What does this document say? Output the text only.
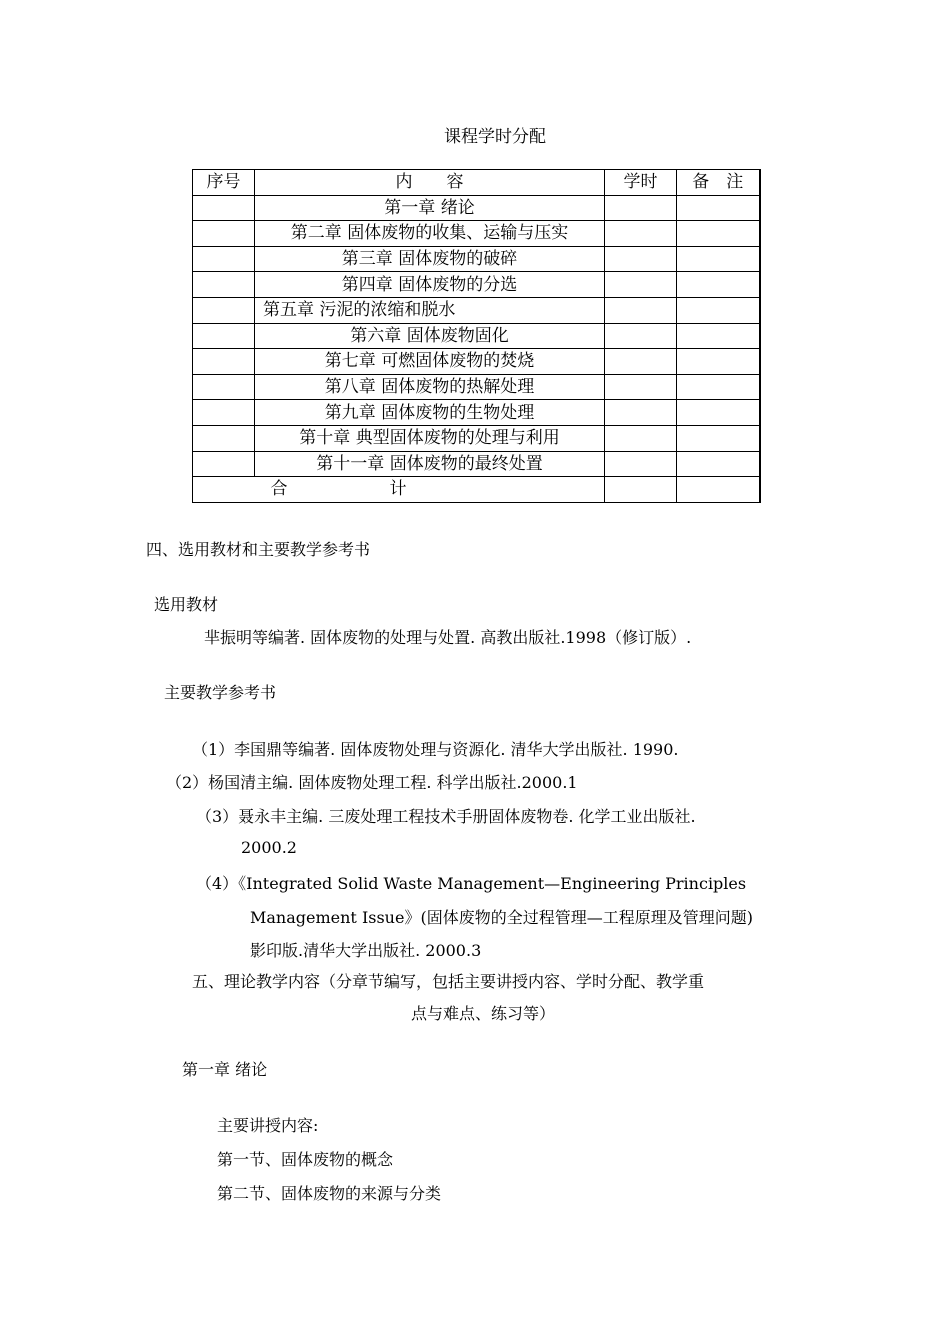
课程学时分配
序号	内　　容	学时	备　注
	第一章 绪论		
	第二章 固体废物的收集、运输与压实		
	第三章 固体废物的破碎		
	第四章 固体废物的分选		
	第五章 污泥的浓缩和脱水		
	第六章 固体废物固化		
	第七章 可燃固体废物的焚烧		
	第八章 固体废物的热解处理		
	第九章 固体废物的生物处理		
	第十章 典型固体废物的处理与利用		
	第十一章 固体废物的最终处置		
合　　　　　　计			
四、选用教材和主要教学参考书
选用教材
芈振明等编著. 固体废物的处理与处置. 高教出版社.1998（修订版）.
主要教学参考书
（1）李国鼎等编著. 固体废物处理与资源化. 清华大学出版社. 1990.
（2）杨国清主编. 固体废物处理工程. 科学出版社.2000.1
（3）聂永丰主编. 三废处理工程技术手册固体废物卷. 化学工业出版社.
2000.2
（4）《Integrated Solid Waste Management—Engineering Principles
Management Issue》(固体废物的全过程管理—工程原理及管理问题)
影印版.清华大学出版社. 2000.3
五、理论教学内容（分章节编写，包括主要讲授内容、学时分配、教学重
点与难点、练习等）
第一章 绪论
主要讲授内容:
第一节、固体废物的概念
第二节、固体废物的来源与分类
